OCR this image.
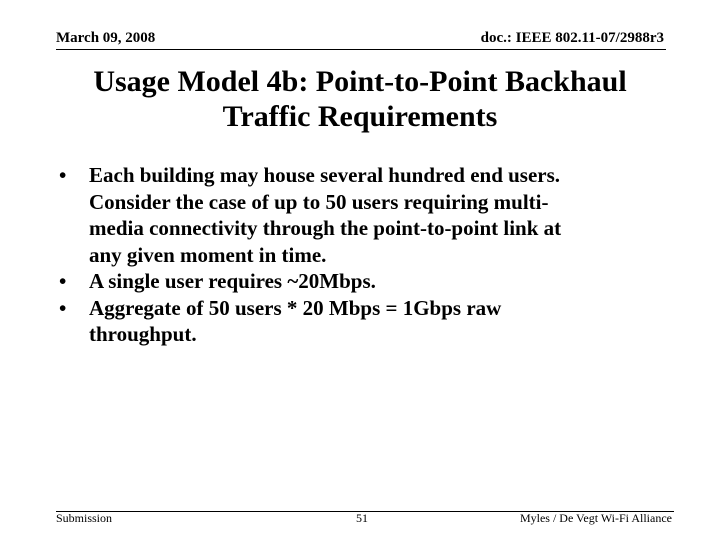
March 09, 2008	doc.: IEEE 802.11-07/2988r3
Usage Model 4b: Point-to-Point Backhaul
Traffic Requirements
• Each building may house several hundred end users.
Consider the case of up to 50 users requiring multi-
media connectivity through the point-to-point link at
any given moment in time.
• A single user requires ~20Mbps.
• Aggregate of 50 users * 20 Mbps = 1Gbps raw
throughput.
Submission	51	Myles / De Vegt Wi-Fi Alliance
